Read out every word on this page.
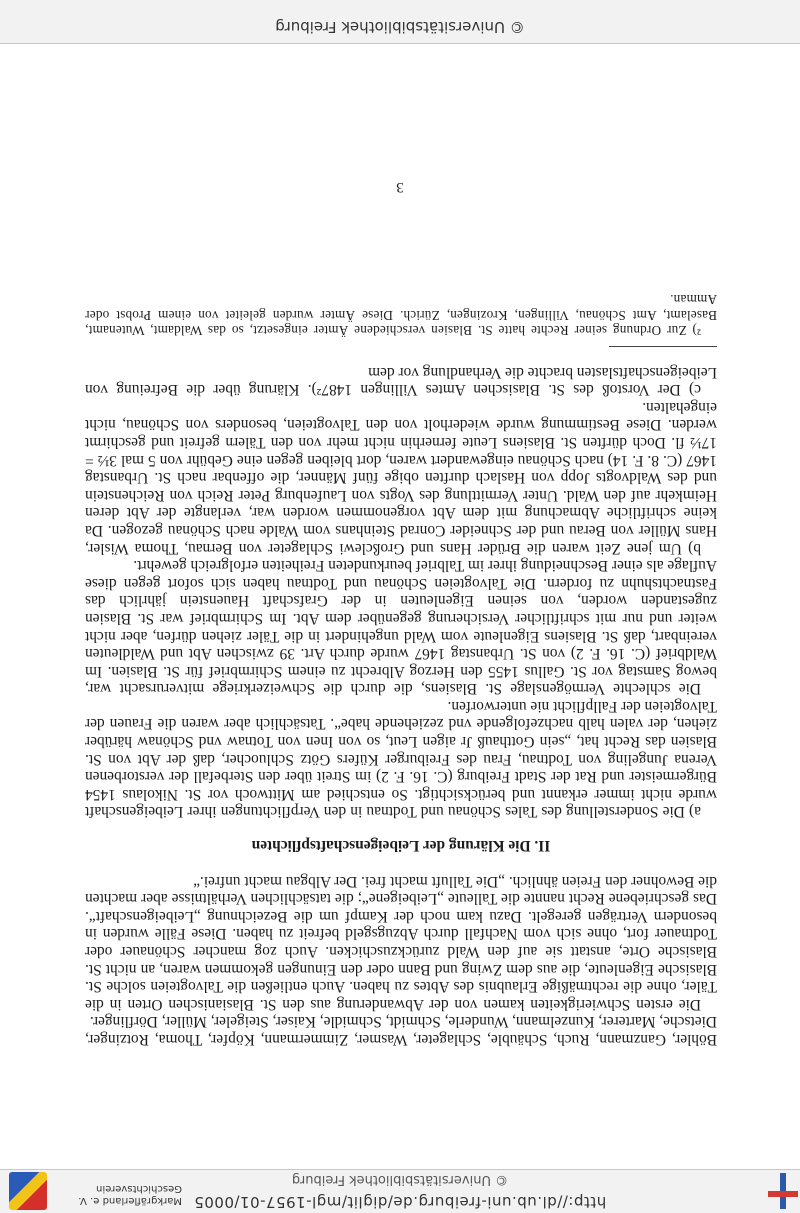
http://dl.ub.uni-freiburg.de/diglit/mgl-1957-01/0005
© Universitätsbibliothek Freiburg
Markgräflerland e. V. Geschichtsverein

Böhler, Ganzmann, Ruch, Schäuble, Schlageter, Wasmer, Zimmermann, Köpfer, Thoma, Rotzinger, Dietsche, Marterer, Kunzelmann, Wunderle, Schmidt, Schmidle, Kaiser, Steigeler, Müller, Dörflinger.

Die ersten Schwierigkeiten kamen von der Abwanderung aus den St. Blasianischen Orten in die Täler, ohne die rechtmäßige Erlaubnis des Abtes zu haben. Auch entließen die Talvogteien solche St. Blasische Eigenleute, die aus dem Zwing und Bann oder den Einungen gekommen waren, an nicht St. Blasische Orte, anstatt sie auf den Wald zurückzuschicken. Auch zog mancher Schönauer oder Todtnauer fort, ohne sich vom Nachfall durch Abzugsgeld befreit zu haben. Diese Fälle wurden in besondern Verträgen geregelt. Dazu kam noch der Kampf um die Bezeichnung „Leibeigenschaft“. Das geschriebene Recht nannte die Talleute „Leibeigene“; die tatsächlichen Verhältnisse aber machten die Bewohner den Freien ähnlich. „Die Talluft macht frei. Der Albgau macht unfrei.“

II. Die Klärung der Leibeigenschaftspflichten

a) Die Sonderstellung des Tales Schönau und Todtnau in den Verpflichtungen ihrer Leibeigenschaft wurde nicht immer erkannt und berücksichtigt. So entschied am Mittwoch vor St. Nikolaus 1454 Bürgermeister und Rat der Stadt Freiburg (C. 16. F. 2) im Streit über den Sterbefall der verstorbenen Verena Jungeling von Todtnau, Frau des Freiburger Küfers Götz Schluocher, daß der Abt von St. Blasien das Recht hat, „sein Gotthauß Jr aigen Leut, so von Inen von Totnaw vnd Schönaw härüber ziehen, der valen halb nachzefolgende vnd zeziehende habe“. Tatsächlich aber waren die Frauen der Talvogteien der Fallpflicht nie unterworfen.

Die schlechte Vermögenslage St. Blasiens, die durch die Schweizerkriege mitverursacht war, bewog Samstag vor St. Gallus 1455 den Herzog Albrecht zu einem Schirmbrief für St. Blasien. Im Waldbrief (C. 16. F. 2) von St. Urbanstag 1467 wurde durch Art. 39 zwischen Abt und Waldleuten vereinbart, daß St. Blasiens Eigenleute vom Wald ungehindert in die Täler ziehen dürfen, aber nicht weiter und nur mit schriftlicher Versicherung gegenüber dem Abt. Im Schirmbrief war St. Blasien zugestanden worden, von seinen Eigenleuten in der Grafschaft Hauenstein jährlich das Fastnachtshuhn zu fordern. Die Talvogteien Schönau und Todtnau haben sich sofort gegen diese Auflage als einer Beschneidung ihrer im Talbrief beurkundeten Freiheiten erfolgreich gewehrt.

b) Um jene Zeit waren die Brüder Hans und Großclewi Schlageter von Bernau, Thoma Wisler, Hans Müller von Berau und der Schneider Conrad Steinhans vom Walde nach Schönau gezogen. Da keine schriftliche Abmachung mit dem Abt vorgenommen worden war, verlangte der Abt deren Heimkehr auf den Wald. Unter Vermittlung des Vogts von Laufenburg Peter Reich von Reichenstein und des Waldvogts Jopp von Haslach durften obige fünf Männer, die offenbar nach St. Urbanstag 1467 (C. 8. F. 14) nach Schönau eingewandert waren, dort bleiben gegen eine Gebühr von 5 mal 3½ = 17½ fl. Doch dürften St. Blasiens Leute fernerhin nicht mehr von den Tälern gefreit und geschirmt werden. Diese Bestimmung wurde wiederholt von den Talvogteien, besonders von Schönau, nicht eingehalten.

c) Der Vorstoß des St. Blasischen Amtes Villingen 1487²). Klärung über die Befreiung von Leibeigenschaftslasten brachte die Verhandlung vor dem

²) Zur Ordnung seiner Rechte hatte St. Blasien verschiedene Ämter eingesetzt, so das Waldamt, Wutenamt, Baselamt, Amt Schönau, Villingen, Krozingen, Zürich. Diese Ämter wurden geleitet von einem Probst oder Amman.

3
© Universitätsbibliothek Freiburg
